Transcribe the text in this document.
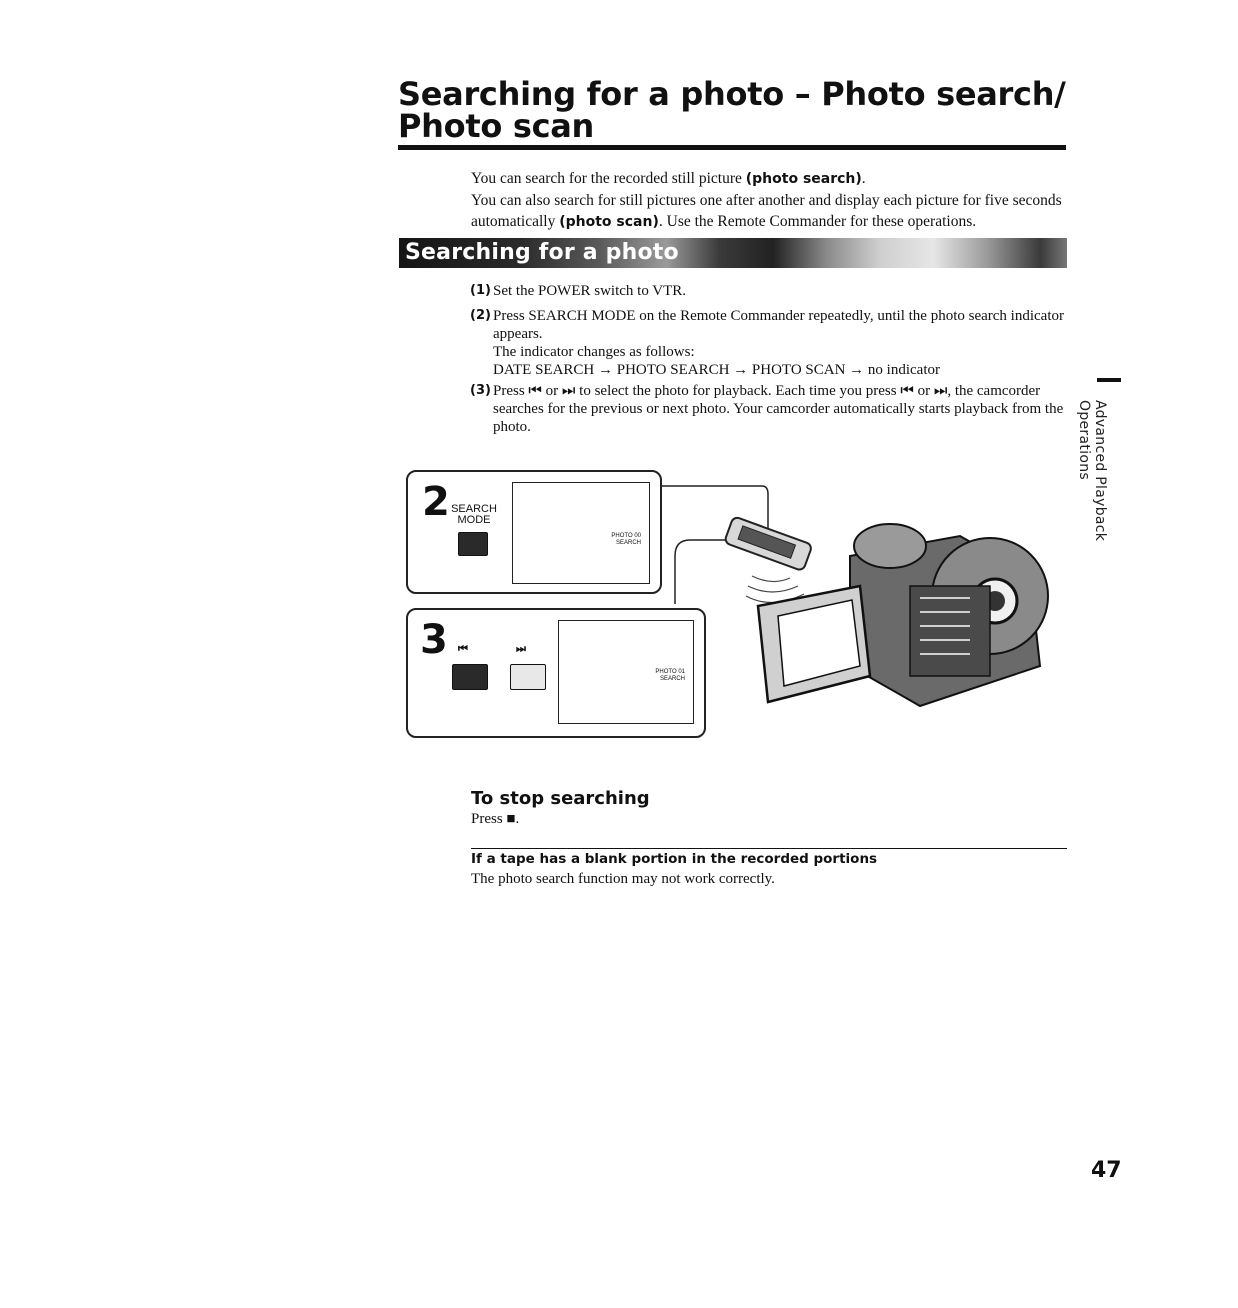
Searching for a photo – Photo search/
Photo scan
You can search for the recorded still picture (photo search).
You can also search for still pictures one after another and display each picture for five seconds automatically (photo scan). Use the Remote Commander for these operations.
Searching for a photo
(1) Set the POWER switch to VTR.

(2) Press SEARCH MODE on the Remote Commander repeatedly, until the photo search indicator appears.

The indicator changes as follows:

DATE SEARCH → PHOTO SEARCH → PHOTO SCAN → no indicator

(3) Press ⏮ or ⏭ to select the photo for playback. Each time you press ⏮ or ⏭, the camcorder searches for the previous or next photo. Your camcorder automatically starts playback from the photo.	Advanced Playback Operations
2 SEARCH
MODE
PHOTO 00
SEARCH
3 ⏮	⏭
PHOTO 01
SEARCH
To stop searching
Press ■.
If a tape has a blank portion in the recorded portions
The photo search function may not work correctly.
47
